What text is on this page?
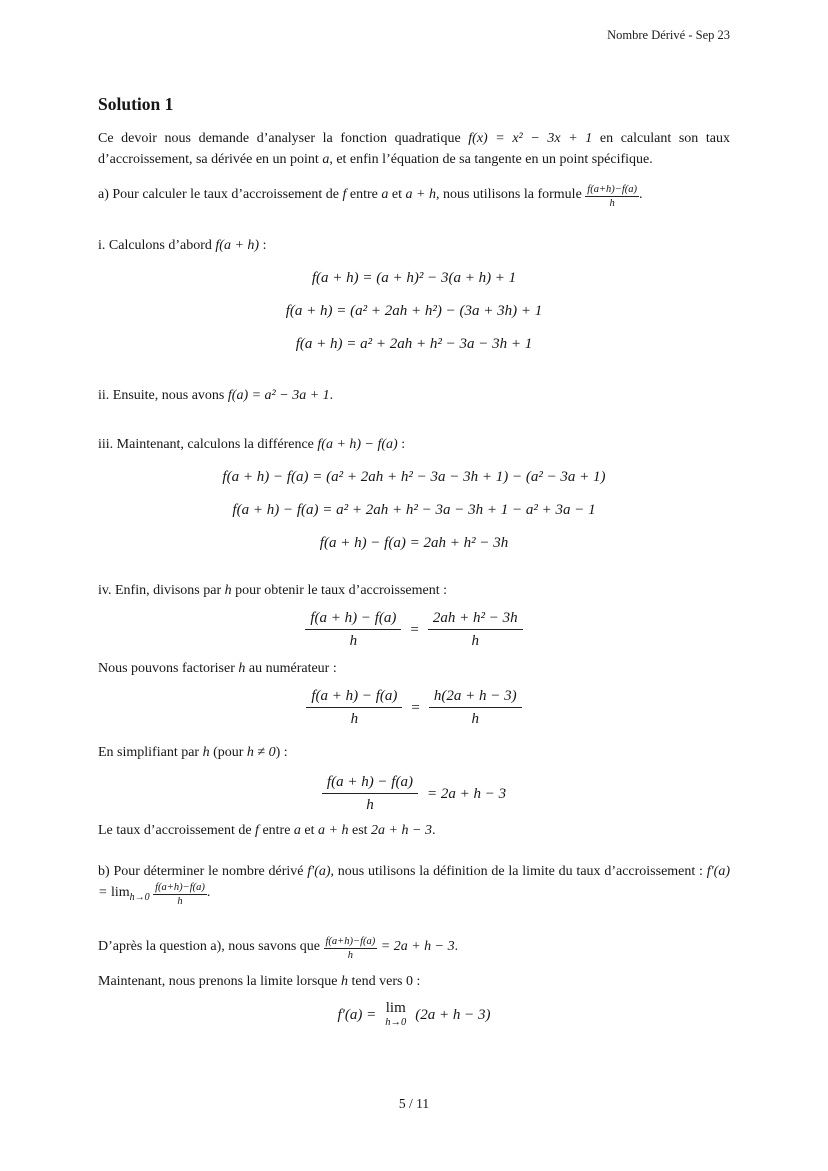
Nombre Dérivé - Sep 23
Solution 1

Ce devoir nous demande d’analyser la fonction quadratique f(x) = x² − 3x + 1 en calculant son taux d’accroissement, sa dérivée en un point a, et enfin l’équation de sa tangente en un point spécifique.

a) Pour calculer le taux d’accroissement de f entre a et a + h, nous utilisons la formule $\frac{f(a+h)-f(a)}{h}$ .

i. Calculons d’abord f(a + h) :

f(a + h) = (a + h)² − 3(a + h) + 1
f(a + h) = (a² + 2ah + h²) − (3a + 3h) + 1
f(a + h) = a² + 2ah + h² − 3a − 3h + 1

ii. Ensuite, nous avons f(a) = a² − 3a + 1.

iii. Maintenant, calculons la différence f(a + h) − f(a) :

f(a + h) − f(a) = (a² + 2ah + h² − 3a − 3h + 1) − (a² − 3a + 1)
f(a + h) − f(a) = a² + 2ah + h² − 3a − 3h + 1 − a² + 3a − 1
f(a + h) − f(a) = 2ah + h² − 3h

iv. Enfin, divisons par h pour obtenir le taux d’accroissement :

$\frac{f(a + h) - f(a)}{h} = \frac{\text{2ah + h² − 3h}}{h}$

Nous pouvons factoriser h au numérateur :

$\frac{f(a + h) - f(a)}{h} = \frac{h(2a + h - 3)}{h}$

En simplifiant par h (pour h ≠ 0) :

$\frac{f(a + h) - f(a)}{h} = 2a + h - 3$

Le taux d’accroissement de f entre a et a + h est 2a + h − 3.

b) Pour déterminer le nombre dérivé f′(a), nous utilisons la définition de la limite du taux d’accroissement : $f'(a) = \lim_{h\to 0} \frac{f(a+h)-f(a)}{h}$ .

D’après la question a), nous savons que $\frac{f(a+h)-f(a)}{h} = 2a + h - 3$.

Maintenant, nous prenons la limite lorsque h tend vers 0 :

f′(a) = lim
h→0 (2a + h − 3)
5 / 11
